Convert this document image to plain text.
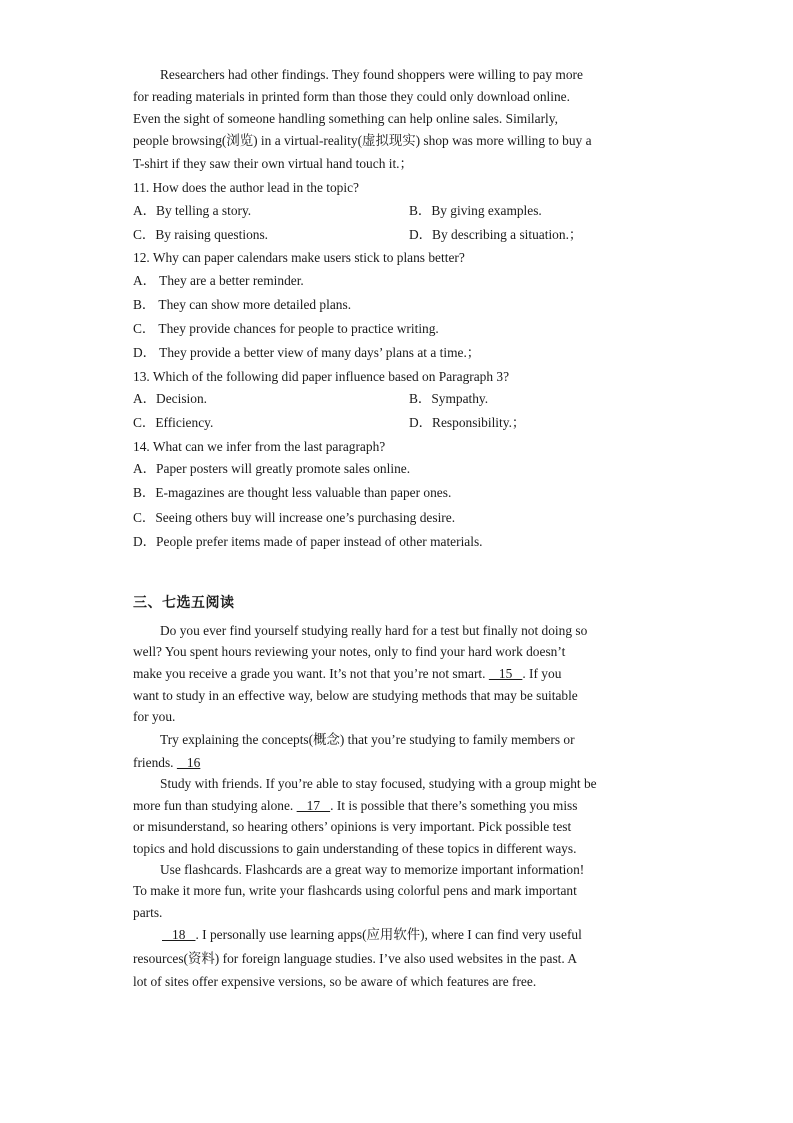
Researchers had other findings. They found shoppers were willing to pay more
for reading materials in printed form than those they could only download online.
Even the sight of someone handling something can help online sales. Similarly,
people browsing(浏览) in a virtual-reality(虚拟现实) shop was more willing to buy a
T-shirt if they saw their own virtual hand touch it.；
11. How does the author lead in the topic?
A．By telling a story.	B．By giving examples.
C．By raising questions.	D．By describing a situation.；
12. Why can paper calendars make users stick to plans better?
A． They are a better reminder.
B． They can show more detailed plans.
C． They provide chances for people to practice writing.
D． They provide a better view of many days’ plans at a time.；
13. Which of the following did paper influence based on Paragraph 3?
A．Decision.	B．Sympathy.
C．Efficiency.	D．Responsibility.；
14. What can we infer from the last paragraph?
A．Paper posters will greatly promote sales online.
B．E-magazines are thought less valuable than paper ones.
C．Seeing others buy will increase one’s purchasing desire.
D．People prefer items made of paper instead of other materials.
三、七选五阅读
Do you ever find yourself studying really hard for a test but finally not doing so
well? You spent hours reviewing your notes, only to find your hard work doesn’t
make you receive a grade you want. It’s not that you’re not smart.    15   . If you
want to study in an effective way, below are studying methods that may be suitable
for you.
Try explaining the concepts(概念) that you’re studying to family members or
friends.    16
Study with friends. If you’re able to stay focused, studying with a group might be
more fun than studying alone.    17   . It is possible that there’s something you miss
or misunderstand, so hearing others’ opinions is very important. Pick possible test
topics and hold discussions to gain understanding of these topics in different ways.
Use flashcards. Flashcards are a great way to memorize important information!
To make it more fun, write your flashcards using colorful pens and mark important
parts.
18   . I personally use learning apps(应用软件), where I can find very useful
resources(资料) for foreign language studies. I’ve also used websites in the past. A
lot of sites offer expensive versions, so be aware of which features are free.
